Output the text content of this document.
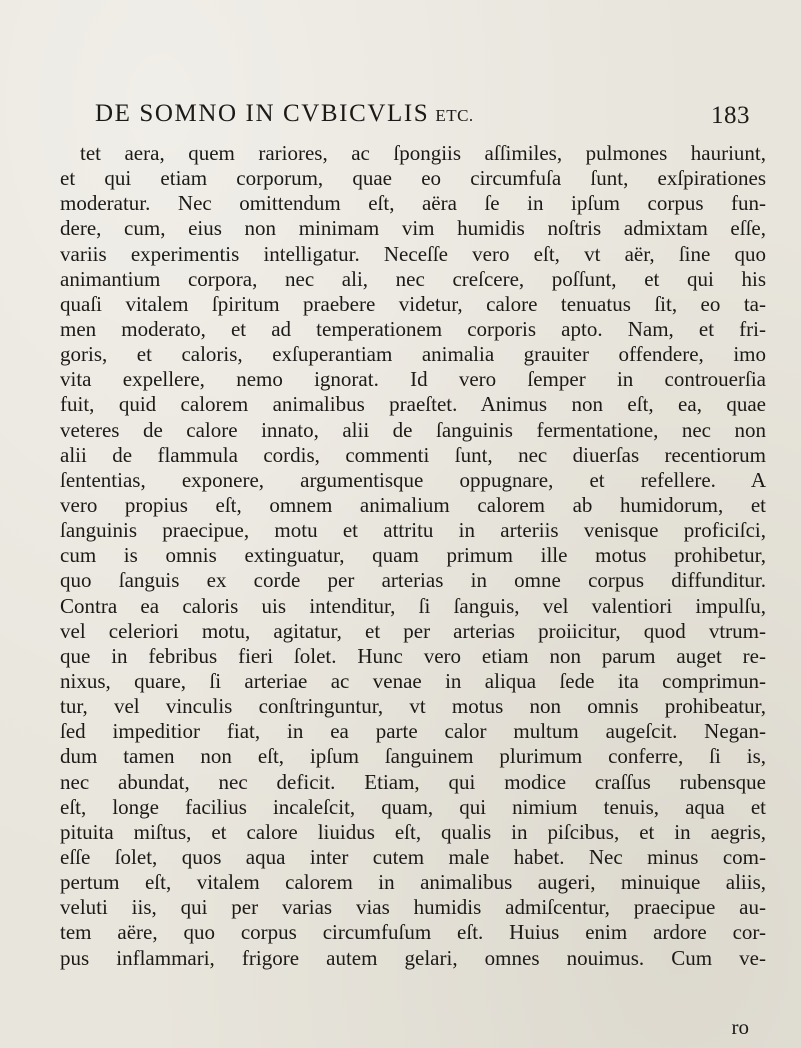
DE SOMNO IN CVBICVLIS ETC.	183
tet aera, quem rariores, ac ſpongiis aſſimiles, pulmones hauriunt,
et qui etiam corporum, quae eo circumfuſa ſunt, exſpirationes
moderatur. Nec omittendum eſt, aëra ſe in ipſum corpus fun-
dere, cum, eius non minimam vim humidis noſtris admixtam eſſe,
variis experimentis intelligatur. Neceſſe vero eſt, vt aër, ſine quo
animantium corpora, nec ali, nec creſcere, poſſunt, et qui his
quaſi vitalem ſpiritum praebere videtur, calore tenuatus ſit, eo ta-
men moderato, et ad temperationem corporis apto. Nam, et fri-
goris, et caloris, exſuperantiam animalia grauiter offendere, imo
vita expellere, nemo ignorat. Id vero ſemper in controuerſia
fuit, quid calorem animalibus praeſtet. Animus non eſt, ea, quae
veteres de calore innato, alii de ſanguinis fermentatione, nec non
alii de flammula cordis, commenti ſunt, nec diuerſas recentiorum
ſententias, exponere, argumentisque oppugnare, et refellere. A
vero propius eſt, omnem animalium calorem ab humidorum, et
ſanguinis praecipue, motu et attritu in arteriis venisque proficiſci,
cum is omnis extinguatur, quam primum ille motus prohibetur,
quo ſanguis ex corde per arterias in omne corpus diffunditur.
Contra ea caloris uis intenditur, ſi ſanguis, vel valentiori impulſu,
vel celeriori motu, agitatur, et per arterias proiicitur, quod vtrum-
que in febribus fieri ſolet. Hunc vero etiam non parum auget re-
nixus, quare, ſi arteriae ac venae in aliqua ſede ita comprimun-
tur, vel vinculis conſtringuntur, vt motus non omnis prohibeatur,
ſed impeditior fiat, in ea parte calor multum augeſcit. Negan-
dum tamen non eſt, ipſum ſanguinem plurimum conferre, ſi is,
nec abundat, nec deficit. Etiam, qui modice craſſus rubensque
eſt, longe facilius incaleſcit, quam, qui nimium tenuis, aqua et
pituita miſtus, et calore liuidus eſt, qualis in piſcibus, et in aegris,
eſſe ſolet, quos aqua inter cutem male habet. Nec minus com-
pertum eſt, vitalem calorem in animalibus augeri, minuique aliis,
veluti iis, qui per varias vias humidis admiſcentur, praecipue au-
tem aëre, quo corpus circumfuſum eſt. Huius enim ardore cor-
pus inflammari, frigore autem gelari, omnes nouimus. Cum ve-
ro
